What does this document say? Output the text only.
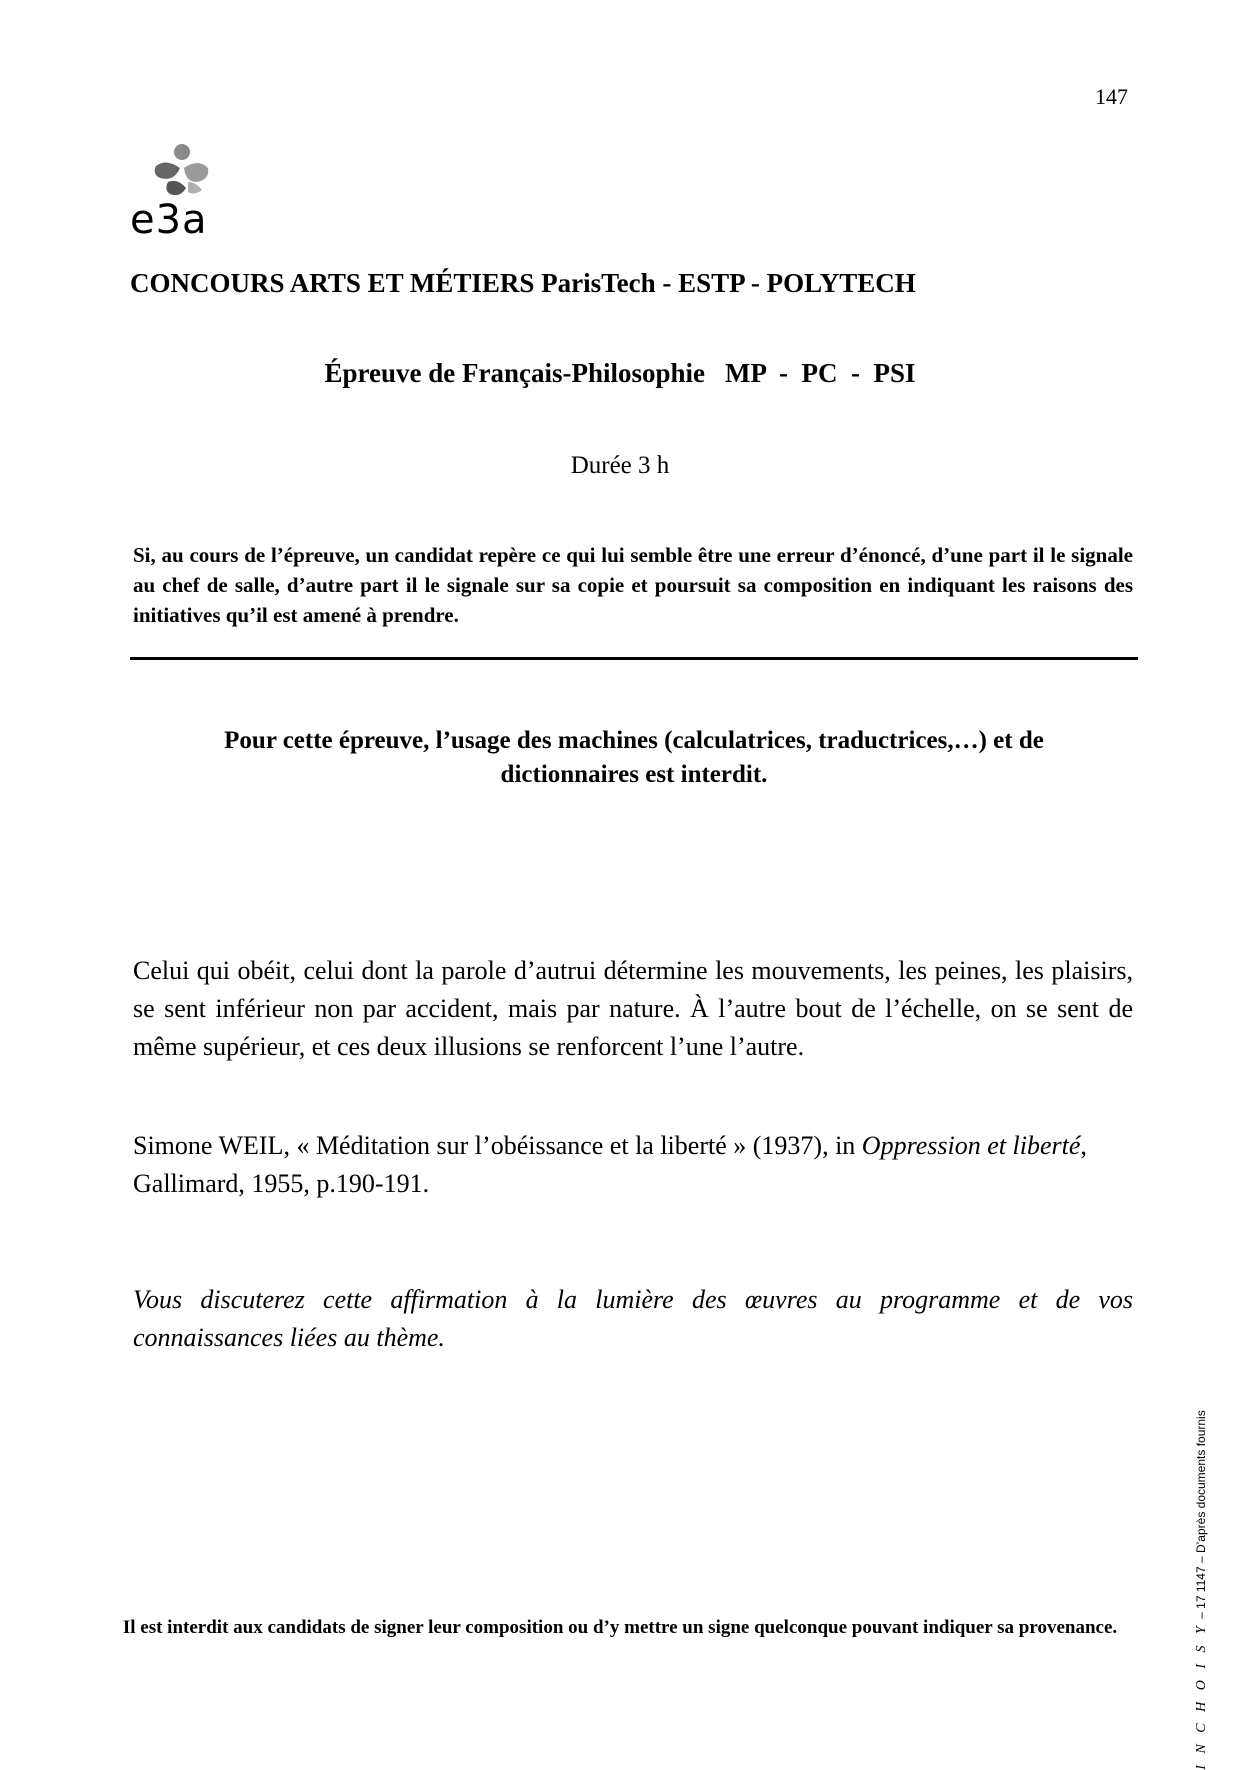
147
e3a
CONCOURS ARTS ET MÉTIERS ParisTech - ESTP - POLYTECH
Épreuve de Français-Philosophie MP  -  PC  -  PSI
Durée 3 h
Si, au cours de l’épreuve, un candidat repère ce qui lui semble être une erreur d’énoncé, d’une part il le signale au chef de salle, d’autre part il le signale sur sa copie et poursuit sa composition en indiquant les raisons des initiatives qu’il est amené à prendre.
Pour cette épreuve, l’usage des machines (calculatrices, traductrices,…) et de
dictionnaires est interdit.
Celui qui obéit, celui dont la parole d’autrui détermine les mouvements, les peines, les plaisirs, se sent inférieur non par accident, mais par nature. À l’autre bout de l’échelle, on se sent de même supérieur, et ces deux illusions se renforcent l’une l’autre.
Simone WEIL, « Méditation sur l’obéissance et la liberté » (1937), in Oppression et liberté, Gallimard, 1955, p.190-191.
Vous discuterez cette affirmation à la lumière des œuvres au programme et de vos connaissances liées au thème.
I N C H O I S Y – 17 1147 – D’après documents fournis
Il est interdit aux candidats de signer leur composition ou d’y mettre un signe quelconque pouvant indiquer sa provenance.
